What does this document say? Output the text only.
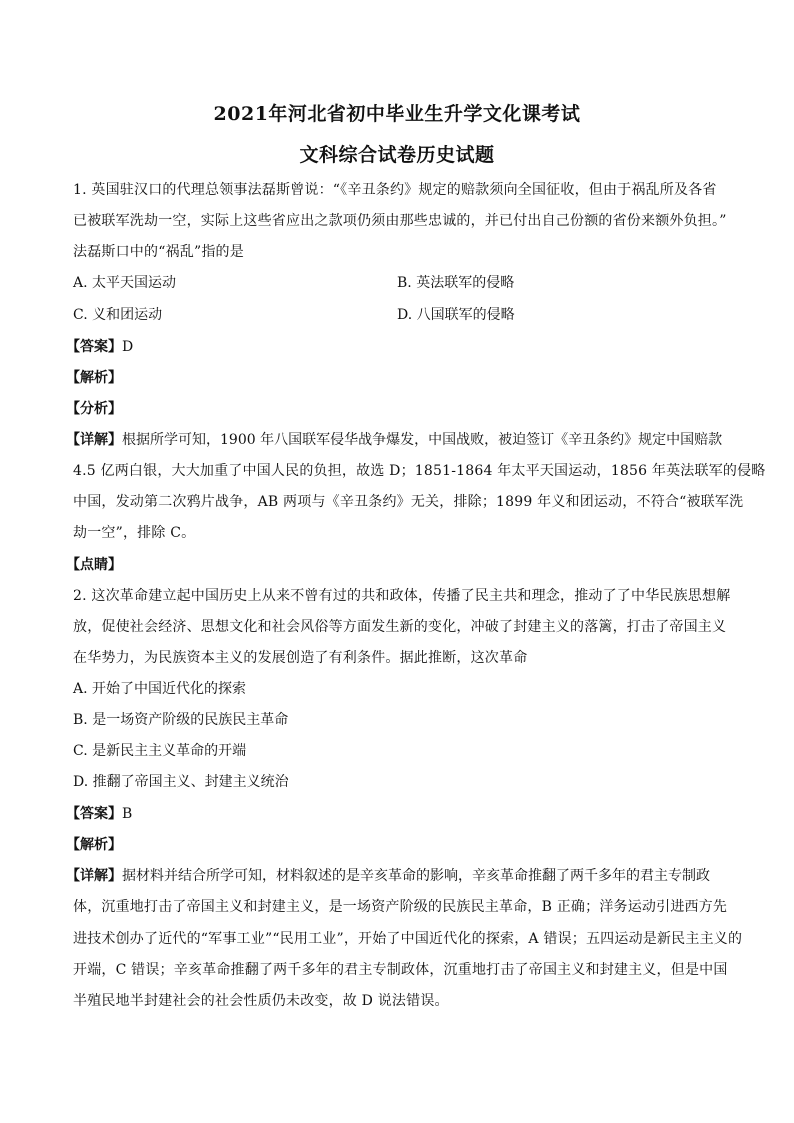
2021年河北省初中毕业生升学文化课考试
文科综合试卷历史试题
1. 英国驻汉口的代理总领事法磊斯曾说：“《辛丑条约》规定的赔款须向全国征收，但由于祸乱所及各省
已被联军洗劫一空，实际上这些省应出之款项仍须由那些忠诚的，并已付出自己份额的省份来额外负担。”
法磊斯口中的“祸乱”指的是
A. 太平天国运动	B. 英法联军的侵略
C. 义和团运动	D. 八国联军的侵略
【答案】D
【解析】
【分析】
【详解】根据所学可知，1900 年八国联军侵华战争爆发，中国战败，被迫签订《辛丑条约》规定中国赔款
4.5 亿两白银，大大加重了中国人民的负担，故选 D；1851-1864 年太平天国运动，1856 年英法联军的侵略
中国，发动第二次鸦片战争，AB 两项与《辛丑条约》无关，排除；1899 年义和团运动，不符合“被联军洗
劫一空”，排除 C。
【点睛】
2. 这次革命建立起中国历史上从来不曾有过的共和政体，传播了民主共和理念，推动了了中华民族思想解
放，促使社会经济、思想文化和社会风俗等方面发生新的变化，冲破了封建主义的落篱，打击了帝国主义
在华势力，为民族资本主义的发展创造了有利条件。据此推断，这次革命
A. 开始了中国近代化的探索
B. 是一场资产阶级的民族民主革命
C. 是新民主主义革命的开端
D. 推翻了帝国主义、封建主义统治
【答案】B
【解析】
【详解】据材料并结合所学可知，材料叙述的是辛亥革命的影响，辛亥革命推翻了两千多年的君主专制政
体，沉重地打击了帝国主义和封建主义，是一场资产阶级的民族民主革命，B 正确；洋务运动引进西方先
进技术创办了近代的“军事工业”“民用工业”，开始了中国近代化的探索，A 错误；五四运动是新民主主义的
开端，C 错误；辛亥革命推翻了两千多年的君主专制政体，沉重地打击了帝国主义和封建主义，但是中国
半殖民地半封建社会的社会性质仍未改变，故 D 说法错误。
